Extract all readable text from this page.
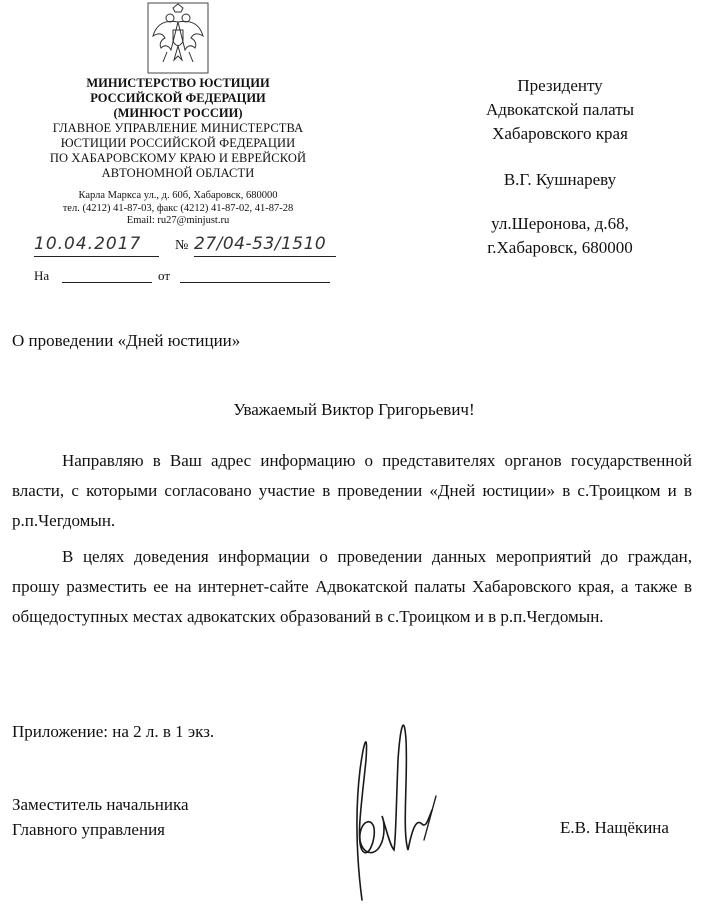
МИНИСТЕРСТВО ЮСТИЦИИ
РОССИЙСКОЙ ФЕДЕРАЦИИ
(МИНЮСТ РОССИИ)
ГЛАВНОЕ УПРАВЛЕНИЕ МИНИСТЕРСТВА
ЮСТИЦИИ РОССИЙСКОЙ ФЕДЕРАЦИИ
ПО ХАБАРОВСКОМУ КРАЮ И ЕВРЕЙСКОЙ
АВТОНОМНОЙ ОБЛАСТИ
Карла Маркса ул., д. 60б, Хабаровск, 680000
тел. (4212) 41-87-03, факс (4212) 41-87-02, 41-87-28
Email: ru27@minjust.ru
10.04.2017	№ 27/04-53/1510
На	от
Президенту
Адвокатской палаты
Хабаровского края
В.Г. Кушнареву
ул.Шеронова, д.68,
г.Хабаровск, 680000
О проведении «Дней юстиции»
Уважаемый Виктор Григорьевич!

Направляю в Ваш адрес информацию о представителях органов государственной власти, с которыми согласовано участие в проведении «Дней юстиции» в с.Троицком и в р.п.Чегдомын.

В целях доведения информации о проведении данных мероприятий до граждан, прошу разместить ее на интернет-сайте Адвокатской палаты Хабаровского края, а также в общедоступных местах адвокатских образований в с.Троицком и в р.п.Чегдомын.

Приложение: на 2 л. в 1 экз.
Заместитель начальника
Главного управления	Е.В. Нащёкина
